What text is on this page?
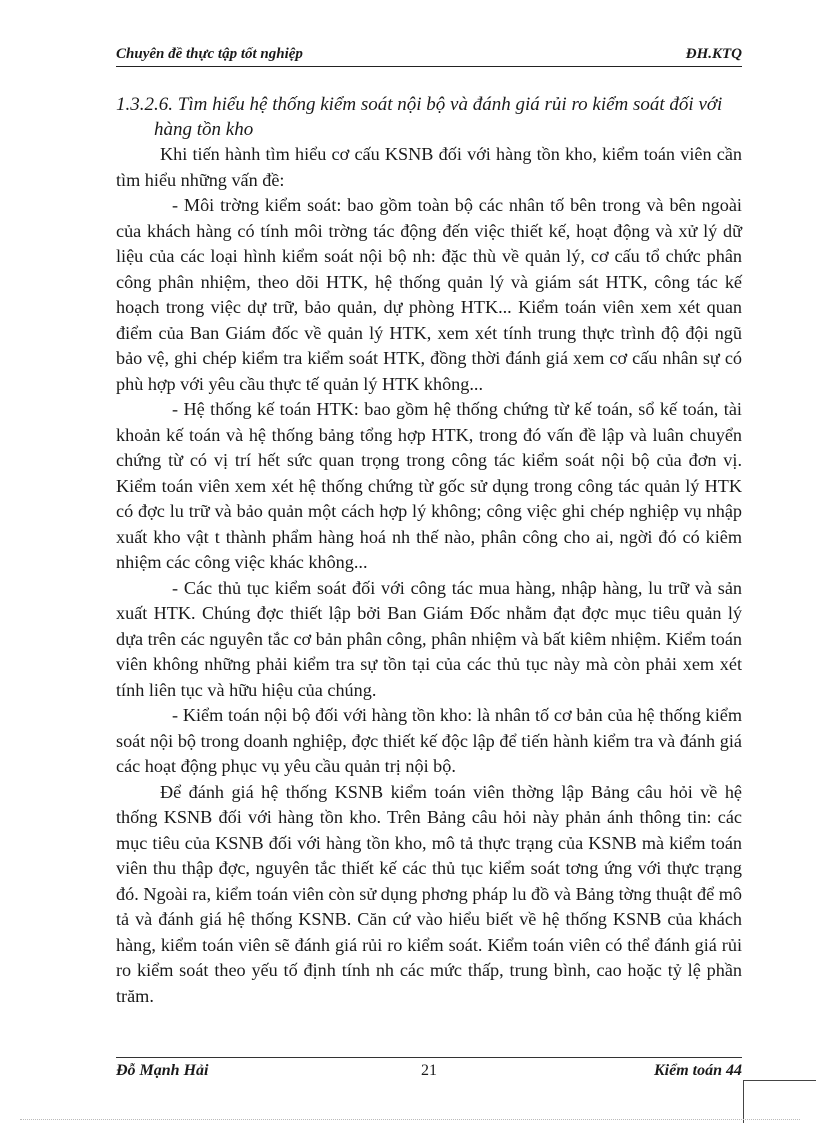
Chuyên đề thực tập tốt nghiệp	ĐH.KTQ
1.3.2.6. Tìm hiểu hệ thống kiểm soát nội bộ và đánh giá rủi ro kiểm soát đối với
hàng tồn kho

Khi tiến hành tìm hiểu cơ cấu KSNB đối với hàng tồn kho, kiểm toán viên cần tìm hiểu những vấn đề:

- Môi trờng kiểm soát: bao gồm toàn bộ các nhân tố bên trong và bên ngoài của khách hàng có tính môi trờng tác động đến việc thiết kế, hoạt động và xử lý dữ liệu của các loại hình kiểm soát nội bộ nh: đặc thù về quản lý, cơ cấu tổ chức phân công phân nhiệm, theo dõi HTK, hệ thống quản lý và giám sát HTK, công tác kế hoạch trong việc dự trữ, bảo quản, dự phòng HTK... Kiểm toán viên xem xét quan điểm của Ban Giám đốc về quản lý HTK, xem xét tính trung thực trình độ đội ngũ bảo vệ, ghi chép kiểm tra kiểm soát HTK, đồng thời đánh giá xem cơ cấu nhân sự có phù hợp với yêu cầu thực tế quản lý HTK không...

- Hệ thống kế toán HTK: bao gồm hệ thống chứng từ kế toán, sổ kế toán, tài khoản kế toán và hệ thống bảng tổng hợp HTK, trong đó vấn đề lập và luân chuyển chứng từ có vị trí hết sức quan trọng trong công tác kiểm soát nội bộ của đơn vị. Kiểm toán viên xem xét hệ thống chứng từ gốc sử dụng trong công tác quản lý HTK có đợc lu trữ và bảo quản một cách hợp lý không; công việc ghi chép nghiệp vụ nhập xuất kho vật t thành phẩm hàng hoá nh thế nào, phân công cho ai, ngời đó có kiêm nhiệm các công việc khác không...

- Các thủ tục kiểm soát đối với công tác mua hàng, nhập hàng, lu trữ và sản xuất HTK. Chúng đợc thiết lập bởi Ban Giám Đốc nhằm đạt đợc mục tiêu quản lý dựa trên các nguyên tắc cơ bản phân công, phân nhiệm và bất kiêm nhiệm. Kiểm toán viên không những phải kiểm tra sự tồn tại của các thủ tục này mà còn phải xem xét tính liên tục và hữu hiệu của chúng.

- Kiểm toán nội bộ đối với hàng tồn kho: là nhân tố cơ bản của hệ thống kiểm soát nội bộ trong doanh nghiệp, đợc thiết kế độc lập để tiến hành kiểm tra và đánh giá các hoạt động phục vụ yêu cầu quản trị nội bộ.

Để đánh giá hệ thống KSNB kiểm toán viên thờng lập Bảng câu hỏi về hệ thống KSNB đối với hàng tồn kho. Trên Bảng câu hỏi này phản ánh thông tin: các mục tiêu của KSNB đối với hàng tồn kho, mô tả thực trạng của KSNB mà kiểm toán viên thu thập đợc, nguyên tắc thiết kế các thủ tục kiểm soát tơng ứng với thực trạng đó. Ngoài ra, kiểm toán viên còn sử dụng phơng pháp lu đồ và Bảng tờng thuật để mô tả và đánh giá hệ thống KSNB. Căn cứ vào hiểu biết về hệ thống KSNB của khách hàng, kiểm toán viên sẽ đánh giá rủi ro kiểm soát. Kiểm toán viên có thể đánh giá rủi ro kiểm soát theo yếu tố định tính nh các mức thấp, trung bình, cao hoặc tỷ lệ phần trăm.

Đỗ Mạnh Hải	21	Kiểm toán 44
